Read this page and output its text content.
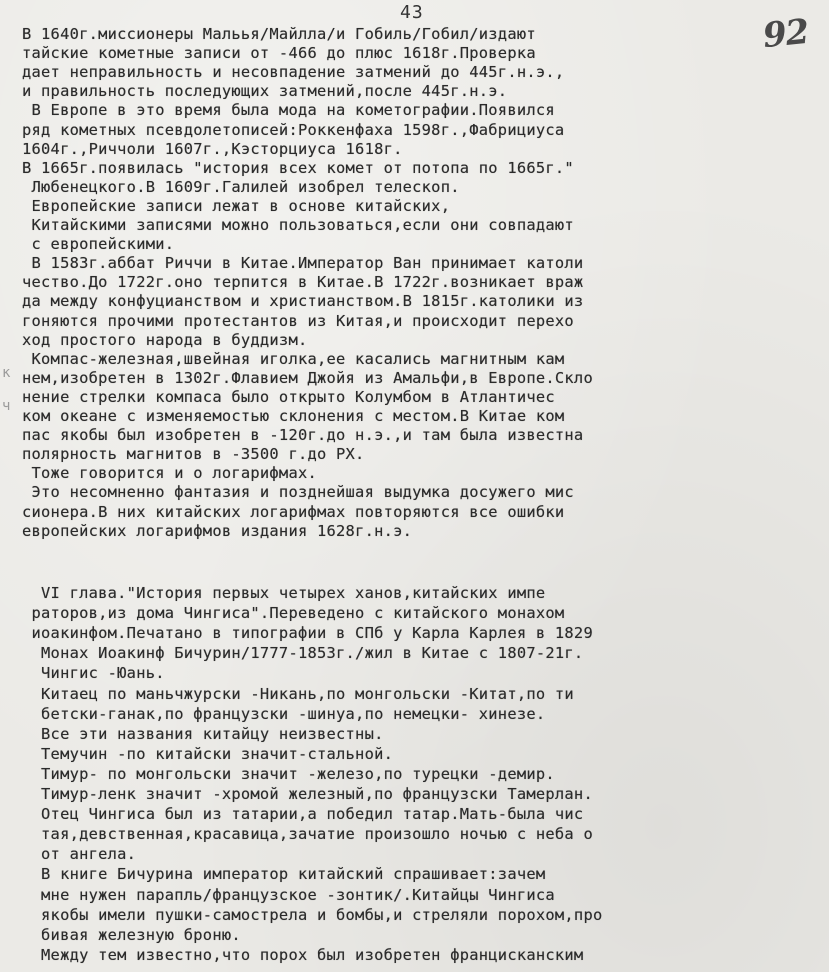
43	92
к
ч
В 1640г.миссионеры Мальья/Майлла/и Гобиль/Гобил/издают
тайские кометные записи от -466 до плюс 1618г.Проверка
дает неправильность и несовпадение затмений до 445г.н.э.,
и правильность последующих затмений,после 445г.н.э.
В Европе в это время была мода на кометографии.Появился
ряд кометных псевдолетописей:Роккенфаха 1598г.,Фабрициуса
1604г.,Риччоли 1607г.,Кэсторциуса 1618г.
В 1665г.появилась "история всех комет от потопа по 1665г."
Любенецкого.В 1609г.Галилей изобрел телескоп.
Европейские записи лежат в основе китайских,
Китайскими записями можно пользоваться,если они совпадают
с европейскими.
В 1583г.аббат Риччи в Китае.Император Ван принимает католи
чество.До 1722г.оно терпится в Китае.В 1722г.возникает враж
да между конфуцианством и христианством.В 1815г.католики из
гоняются прочими протестантов из Китая,и происходит перехо
ход простого народа в буддизм.
Компас-железная,швейная иголка,ее касались магнитным кам
нем,изобретен в 1302г.Флавием Джойя из Амальфи,в Европе.Скло
нение стрелки компаса было открыто Колумбом в Атлантичес
ком океане с изменяемостью склонения с местом.В Китае ком
пас якобы был изобретен в -120г.до н.э.,и там была известна
полярность магнитов в -3500 г.до РХ.
Тоже говорится и о логарифмах.
Это несомненно фантазия и позднейшая выдумка досужего мис
сионера.В них китайских логарифмах повторяются все ошибки
европейских логарифмов издания 1628г.н.э.
VI глава."История первых четырех ханов,китайских импе
раторов,из дома Чингиса".Переведено с китайского монахом
иоакинфом.Печатано в типографии в СПб у Карла Карлея в 1829
Монах Иоакинф Бичурин/1777-1853г./жил в Китае с 1807-21г.
Чингис -Юань.
Китаец по маньчжурски -Никань,по монгольски -Китат,по ти
бетски-ганак,по французски -шинуа,по немецки- хинезе.
Все эти названия китайцу неизвестны.
Темучин -по китайски значит-стальной.
Тимур- по монгольски значит -железо,по турецки -демир.
Тимур-ленк значит -хромой железный,по французски Тамерлан.
Отец Чингиса был из татарии,а победил татар.Мать-была чис
тая,девственная,красавица,зачатие произошло ночью с неба о
от ангела.
В книге Бичурина император китайский спрашивает:зачем
мне нужен парапль/французское -зонтик/.Китайцы Чингиса
якобы имели пушки-самострела и бомбы,и стреляли порохом,про
бивая железную броню.
Между тем известно,что порох был изобретен францисканским
